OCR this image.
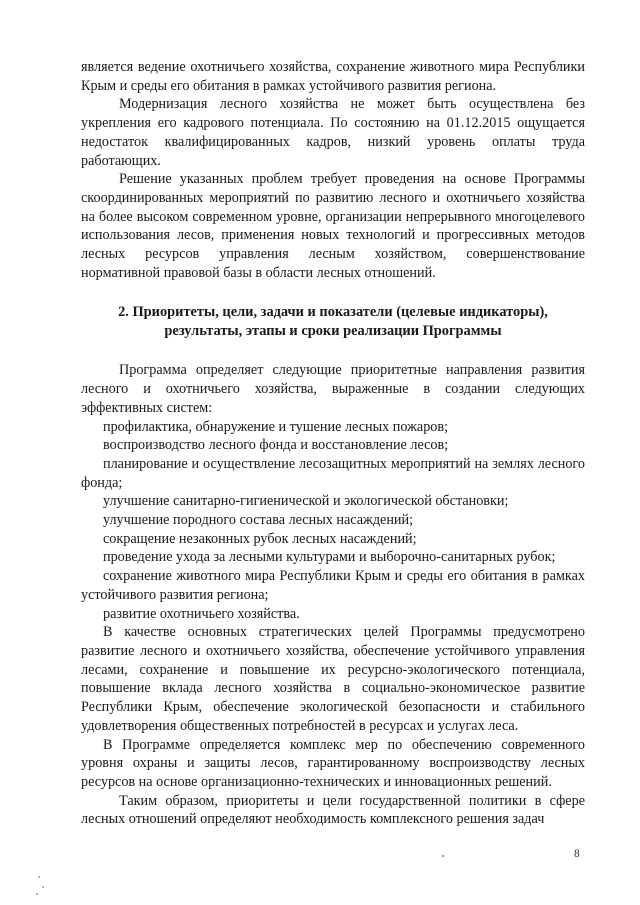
является ведение охотничьего хозяйства, сохранение животного мира Республики Крым и среды его обитания в рамках устойчивого развития региона.

Модернизация лесного хозяйства не может быть осуществлена без укрепления его кадрового потенциала. По состоянию на 01.12.2015 ощущается недостаток квалифицированных кадров, низкий уровень оплаты труда работающих.

Решение указанных проблем требует проведения на основе Программы скоординированных мероприятий по развитию лесного и охотничьего хозяйства на более высоком современном уровне, организации непрерывного многоцелевого использования лесов, применения новых технологий и прогрессивных методов лесных ресурсов управления лесным хозяйством, совершенствование нормативной правовой базы в области лесных отношений.

2. Приоритеты, цели, задачи и показатели (целевые индикаторы),
результаты, этапы и сроки реализации Программы

Программа определяет следующие приоритетные направления развития лесного и охотничьего хозяйства, выраженные в создании следующих эффективных систем:

профилактика, обнаружение и тушение лесных пожаров;

воспроизводство лесного фонда и восстановление лесов;

планирование и осуществление лесозащитных мероприятий на землях лесного фонда;

улучшение санитарно-гигиенической и экологической обстановки;

улучшение породного состава лесных насаждений;

сокращение незаконных рубок лесных насаждений;

проведение ухода за лесными культурами и выборочно-санитарных рубок;

сохранение животного мира Республики Крым и среды его обитания в рамках устойчивого развития региона;

развитие охотничьего хозяйства.

В качестве основных стратегических целей Программы предусмотрено развитие лесного и охотничьего хозяйства, обеспечение устойчивого управления лесами, сохранение и повышение их ресурсно-экологического потенциала, повышение вклада лесного хозяйства в социально-экономическое развитие Республики Крым, обеспечение экологической безопасности и стабильного удовлетворения общественных потребностей в ресурсах и услугах леса.

В Программе определяется комплекс мер по обеспечению современного уровня охраны и защиты лесов, гарантированному воспроизводству лесных ресурсов на основе организационно-технических и инновационных решений.

Таким образом, приоритеты и цели государственной политики в сфере лесных отношений определяют необходимость комплексного решения задач

8
